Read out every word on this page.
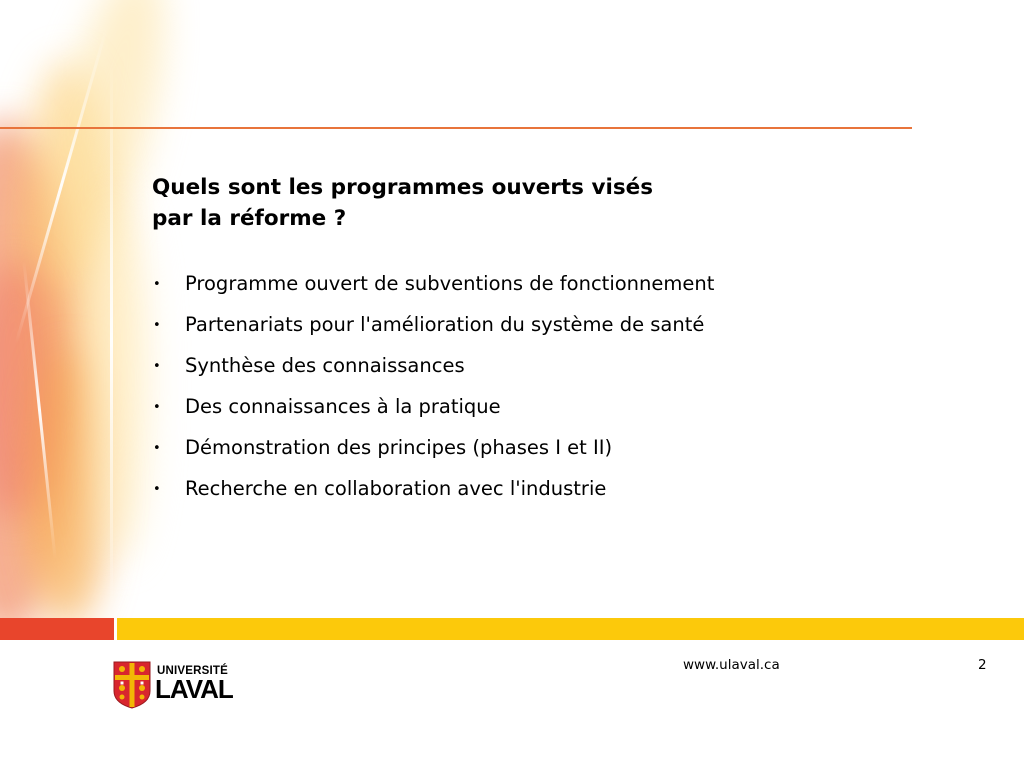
Quels sont les programmes ouverts visés
par la réforme ?
•	Programme ouvert de subventions de fonctionnement
•	Partenariats pour l'amélioration du système de santé
•	Synthèse des connaissances
•	Des connaissances à la pratique
•	Démonstration des principes (phases I et II)
•	Recherche en collaboration avec l'industrie
UNIVERSITÉ
LAVAL
www.ulaval.ca	2
